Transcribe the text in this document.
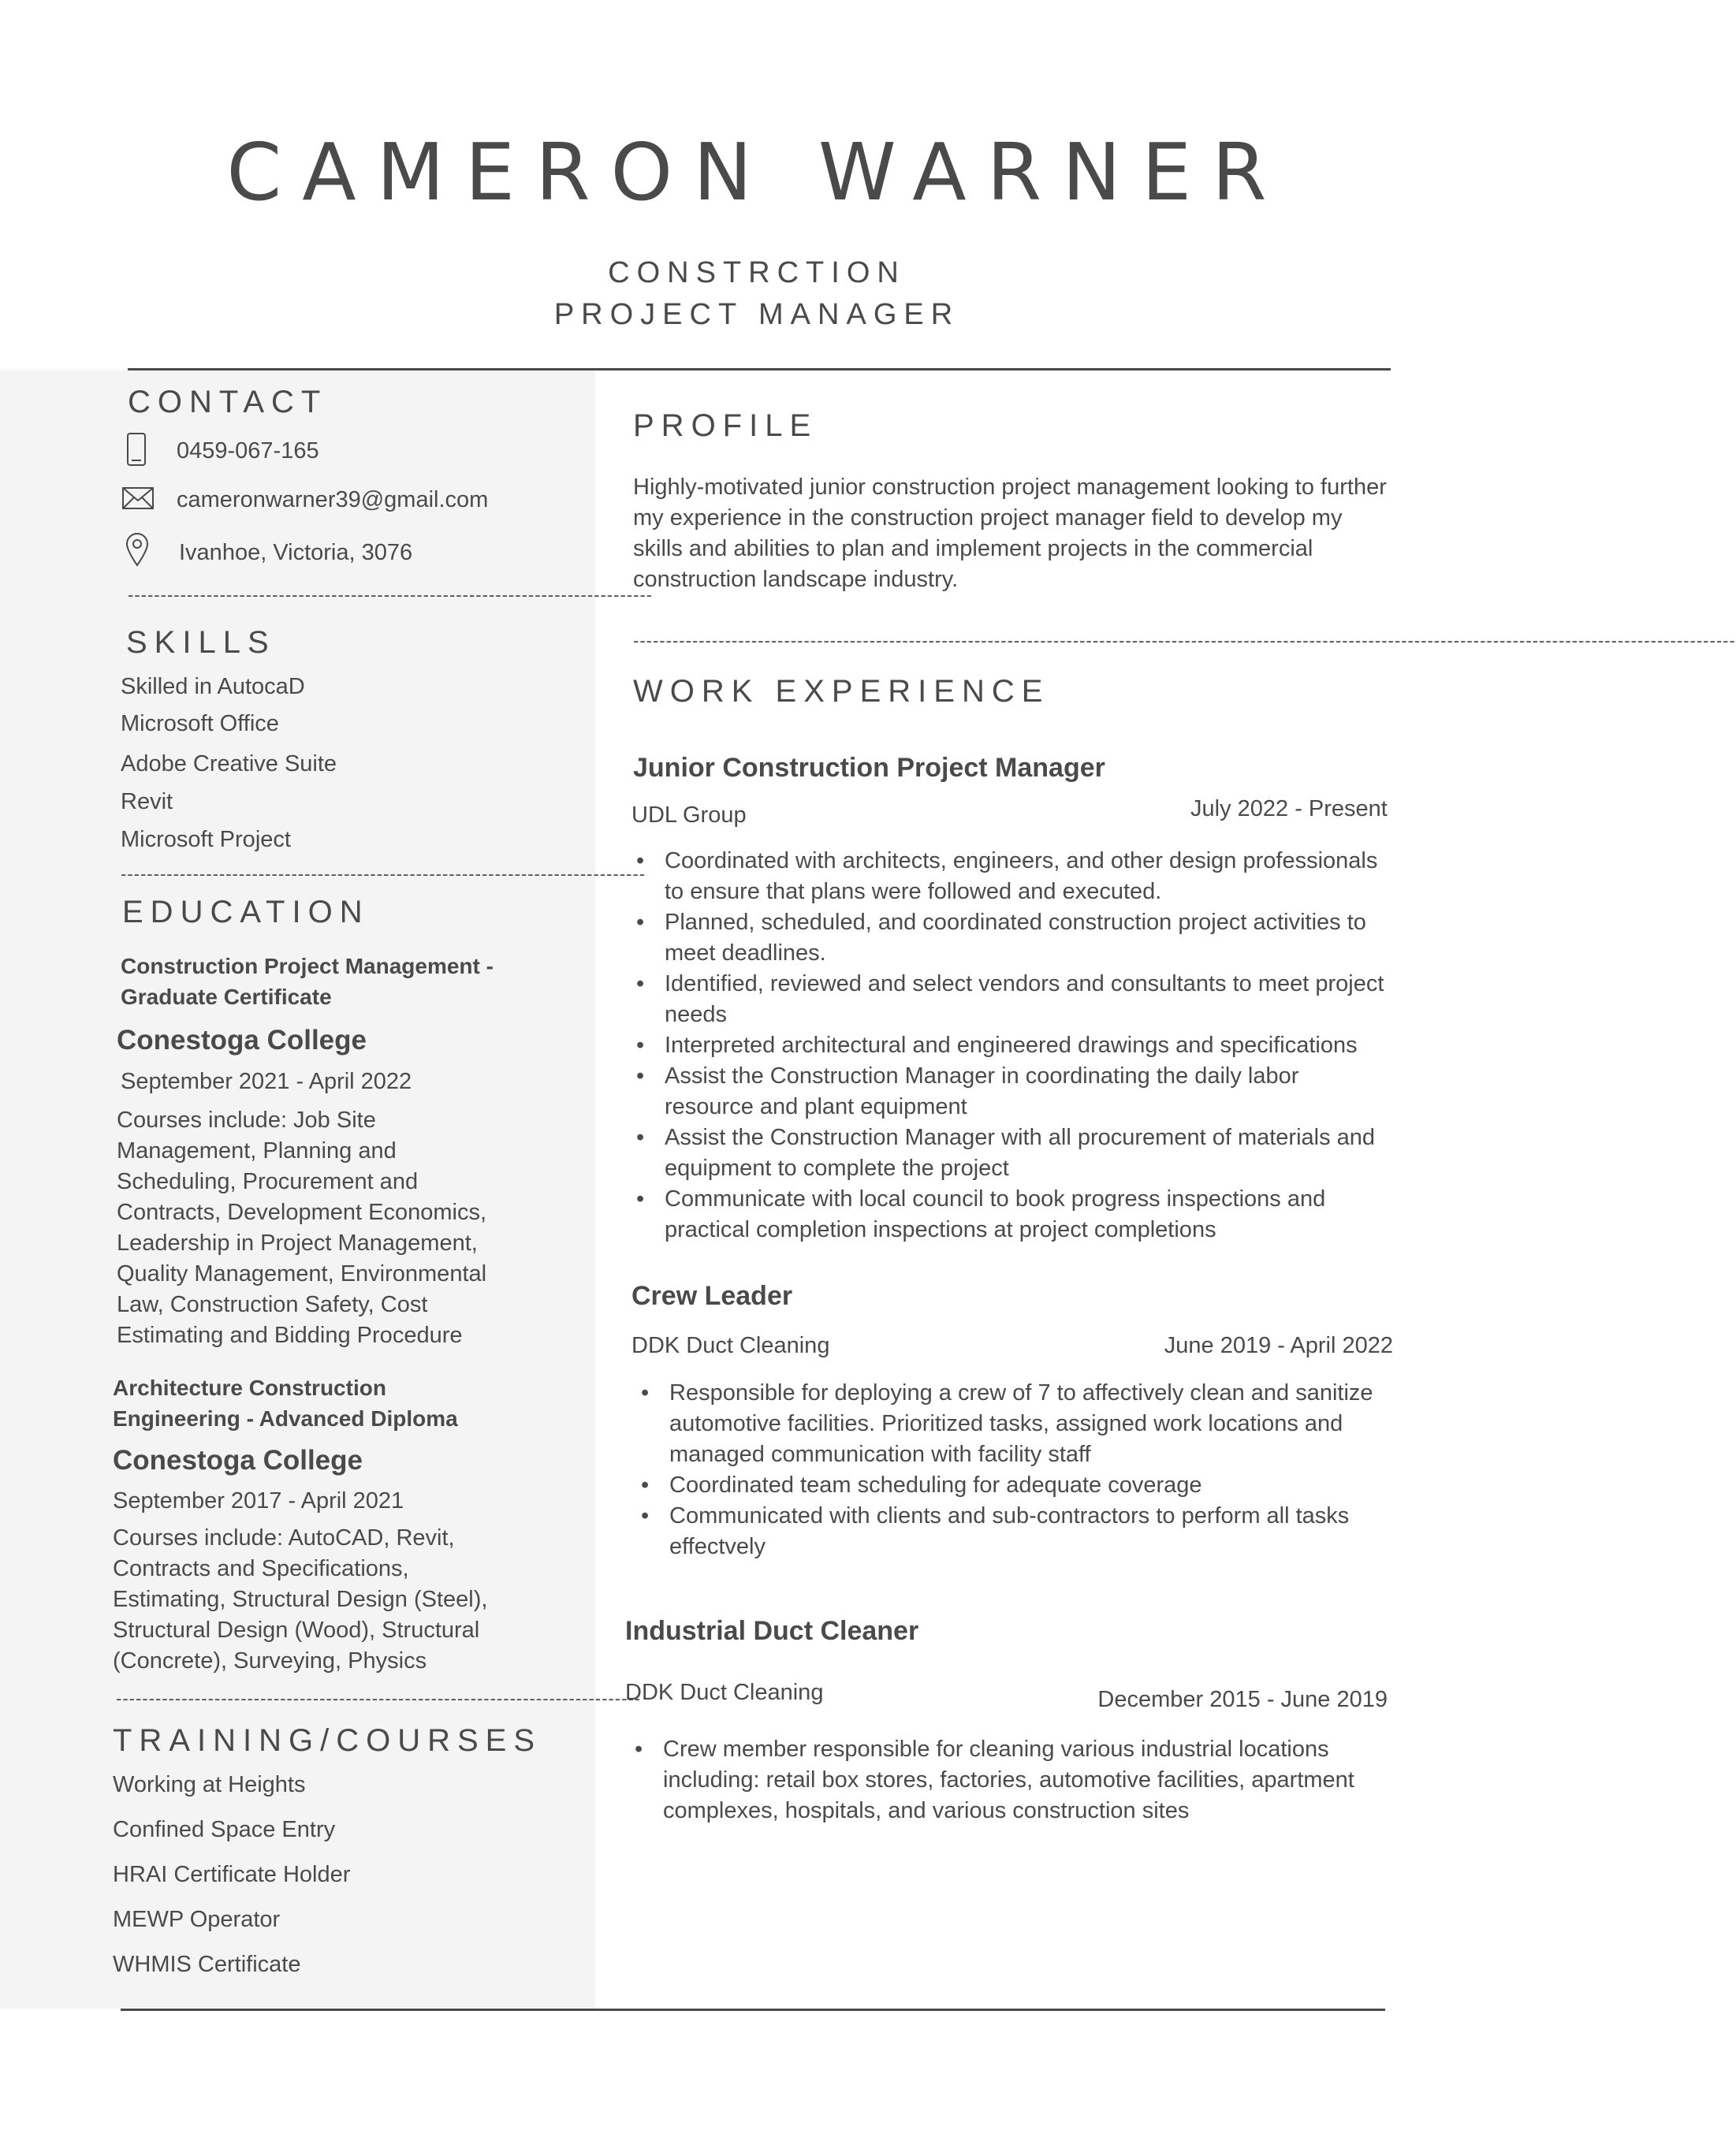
CAMERON WARNER
CONSTRCTION
PROJECT MANAGER
CONTACT
0459-067-165
cameronwarner39@gmail.com
Ivanhoe, Victoria, 3076
--------------------------------------------------------------------------------
SKILLS
Skilled in AutocaD
Microsoft Office
Adobe Creative Suite
Revit
Microsoft Project
--------------------------------------------------------------------------------
EDUCATION
Construction Project Management -
Graduate Certificate
Conestoga College
September 2021 - April 2022
Courses include: Job Site Management, Planning and Scheduling, Procurement and Contracts, Development Economics, Leadership in Project Management, Quality Management, Environmental Law, Construction Safety, Cost Estimating and Bidding Procedure
Architecture Construction
Engineering - Advanced Diploma
Conestoga College
September 2017 - April 2021
Courses include: AutoCAD, Revit, Contracts and Specifications, Estimating, Structural Design (Steel), Structural Design (Wood), Structural (Concrete), Surveying, Physics
--------------------------------------------------------------------------------
TRAINING/COURSES
Working at Heights
Confined Space Entry
HRAI Certificate Holder
MEWP Operator
WHMIS Certificate
PROFILE
Highly-motivated junior construction project management looking to further my experience in the construction project manager field to develop my skills and abilities to plan and implement projects in the commercial construction landscape industry.
------------------------------------------------------------------------------------------------------------------------------------------------------------------------
WORK EXPERIENCE
Junior Construction Project Manager
UDL Group	July 2022 - Present
• Coordinated with architects, engineers, and other design professionals to ensure that plans were followed and executed.
• Planned, scheduled, and coordinated construction project activities to meet deadlines.
• Identified, reviewed and select vendors and consultants to meet project needs
• Interpreted architectural and engineered drawings and specifications
• Assist the Construction Manager in coordinating the daily labor resource and plant equipment
• Assist the Construction Manager with all procurement of materials and equipment to complete the project
• Communicate with local council to book progress inspections and practical completion inspections at project completions
Crew Leader
DDK Duct Cleaning	June 2019 - April 2022
• Responsible for deploying a crew of 7 to affectively clean and sanitize automotive facilities. Prioritized tasks, assigned work locations and managed communication with facility staff
• Coordinated team scheduling for adequate coverage
• Communicated with clients and sub-contractors to perform all tasks effectvely
Industrial Duct Cleaner
DDK Duct Cleaning	December 2015 - June 2019
• Crew member responsible for cleaning various industrial locations including: retail box stores, factories, automotive facilities, apartment complexes, hospitals, and various construction sites
